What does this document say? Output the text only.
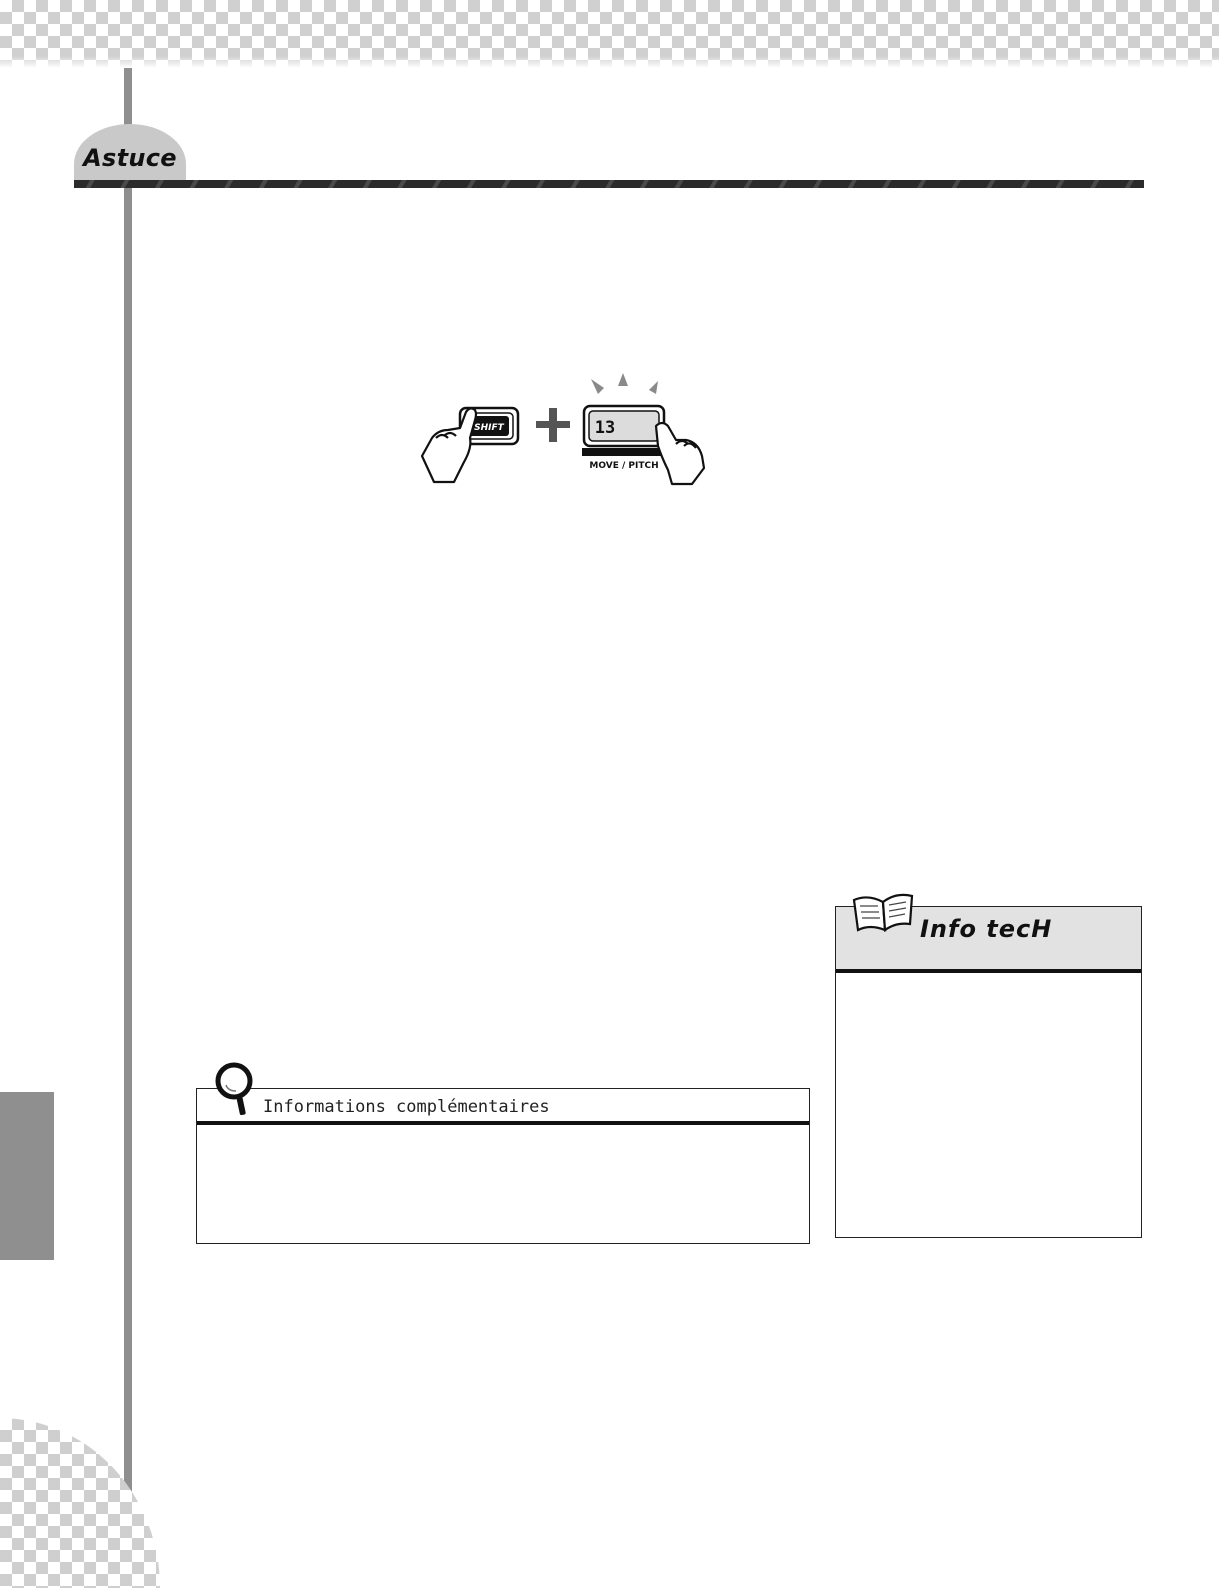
Astuce
SHIFT	13
MOVE / PITCH
Informations complémentaires
Info tecH
